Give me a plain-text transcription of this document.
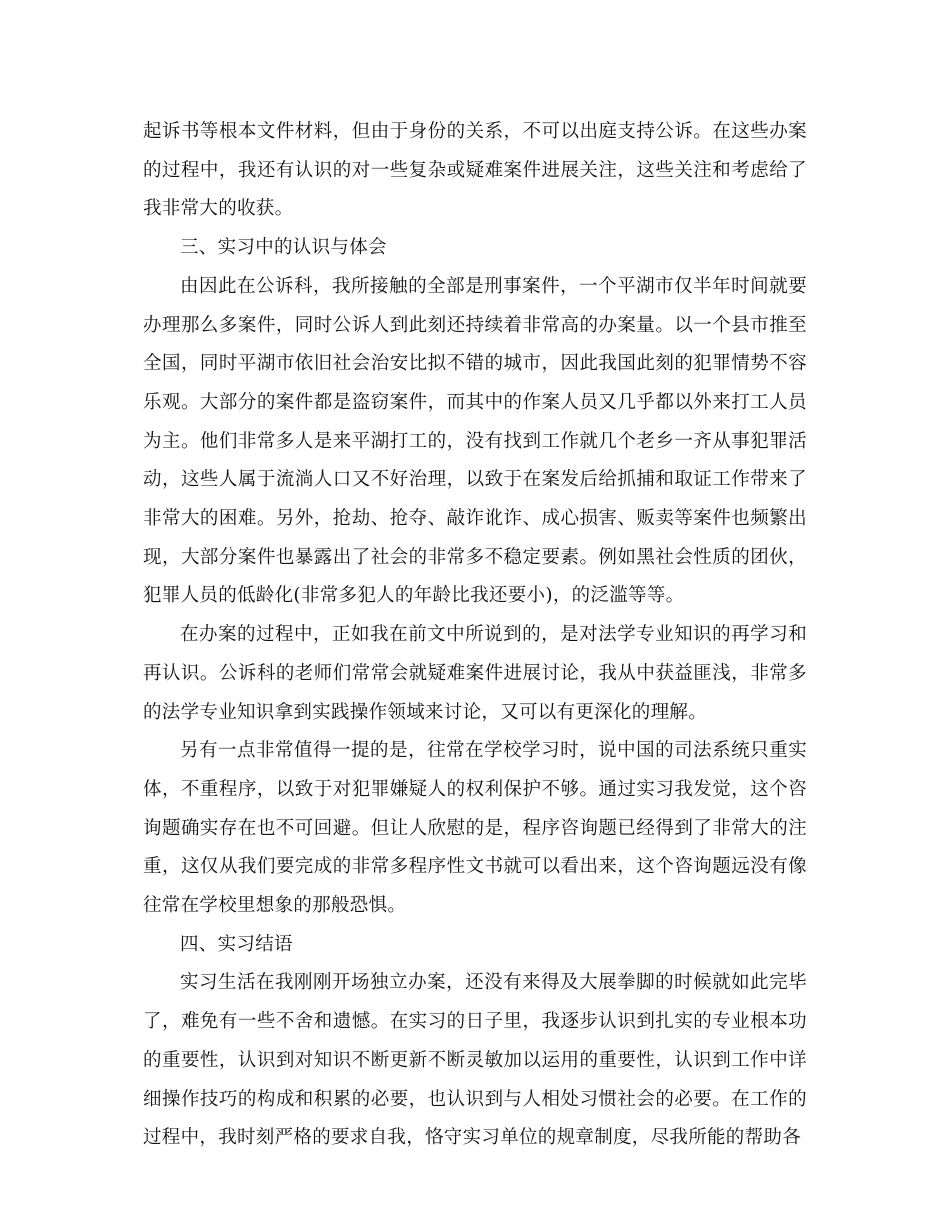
起诉书等根本文件材料，但由于身份的关系，不可以出庭支持公诉。在这些办案的过程中，我还有认识的对一些复杂或疑难案件进展关注，这些关注和考虑给了我非常大的收获。

三、实习中的认识与体会

由因此在公诉科，我所接触的全部是刑事案件，一个平湖市仅半年时间就要办理那么多案件，同时公诉人到此刻还持续着非常高的办案量。以一个县市推至全国，同时平湖市依旧社会治安比拟不错的城市，因此我国此刻的犯罪情势不容乐观。大部分的案件都是盗窃案件，而其中的作案人员又几乎都以外来打工人员为主。他们非常多人是来平湖打工的，没有找到工作就几个老乡一齐从事犯罪活动，这些人属于流淌人口又不好治理，以致于在案发后给抓捕和取证工作带来了非常大的困难。另外，抢劫、抢夺、敲诈讹诈、成心损害、贩卖等案件也频繁出现，大部分案件也暴露出了社会的非常多不稳定要素。例如黑社会性质的团伙，犯罪人员的低龄化(非常多犯人的年龄比我还要小)，的泛滥等等。

在办案的过程中，正如我在前文中所说到的，是对法学专业知识的再学习和再认识。公诉科的老师们常常会就疑难案件进展讨论，我从中获益匪浅，非常多的法学专业知识拿到实践操作领域来讨论，又可以有更深化的理解。

另有一点非常值得一提的是，往常在学校学习时，说中国的司法系统只重实体，不重程序，以致于对犯罪嫌疑人的权利保护不够。通过实习我发觉，这个咨询题确实存在也不可回避。但让人欣慰的是，程序咨询题已经得到了非常大的注重，这仅从我们要完成的非常多程序性文书就可以看出来，这个咨询题远没有像往常在学校里想象的那般恐惧。

四、实习结语

实习生活在我刚刚开场独立办案，还没有来得及大展拳脚的时候就如此完毕了，难免有一些不舍和遗憾。在实习的日子里，我逐步认识到扎实的专业根本功的重要性，认识到对知识不断更新不断灵敏加以运用的重要性，认识到工作中详细操作技巧的构成和积累的必要，也认识到与人相处习惯社会的必要。在工作的过程中，我时刻严格的要求自我，恪守实习单位的规章制度，尽我所能的帮助各
